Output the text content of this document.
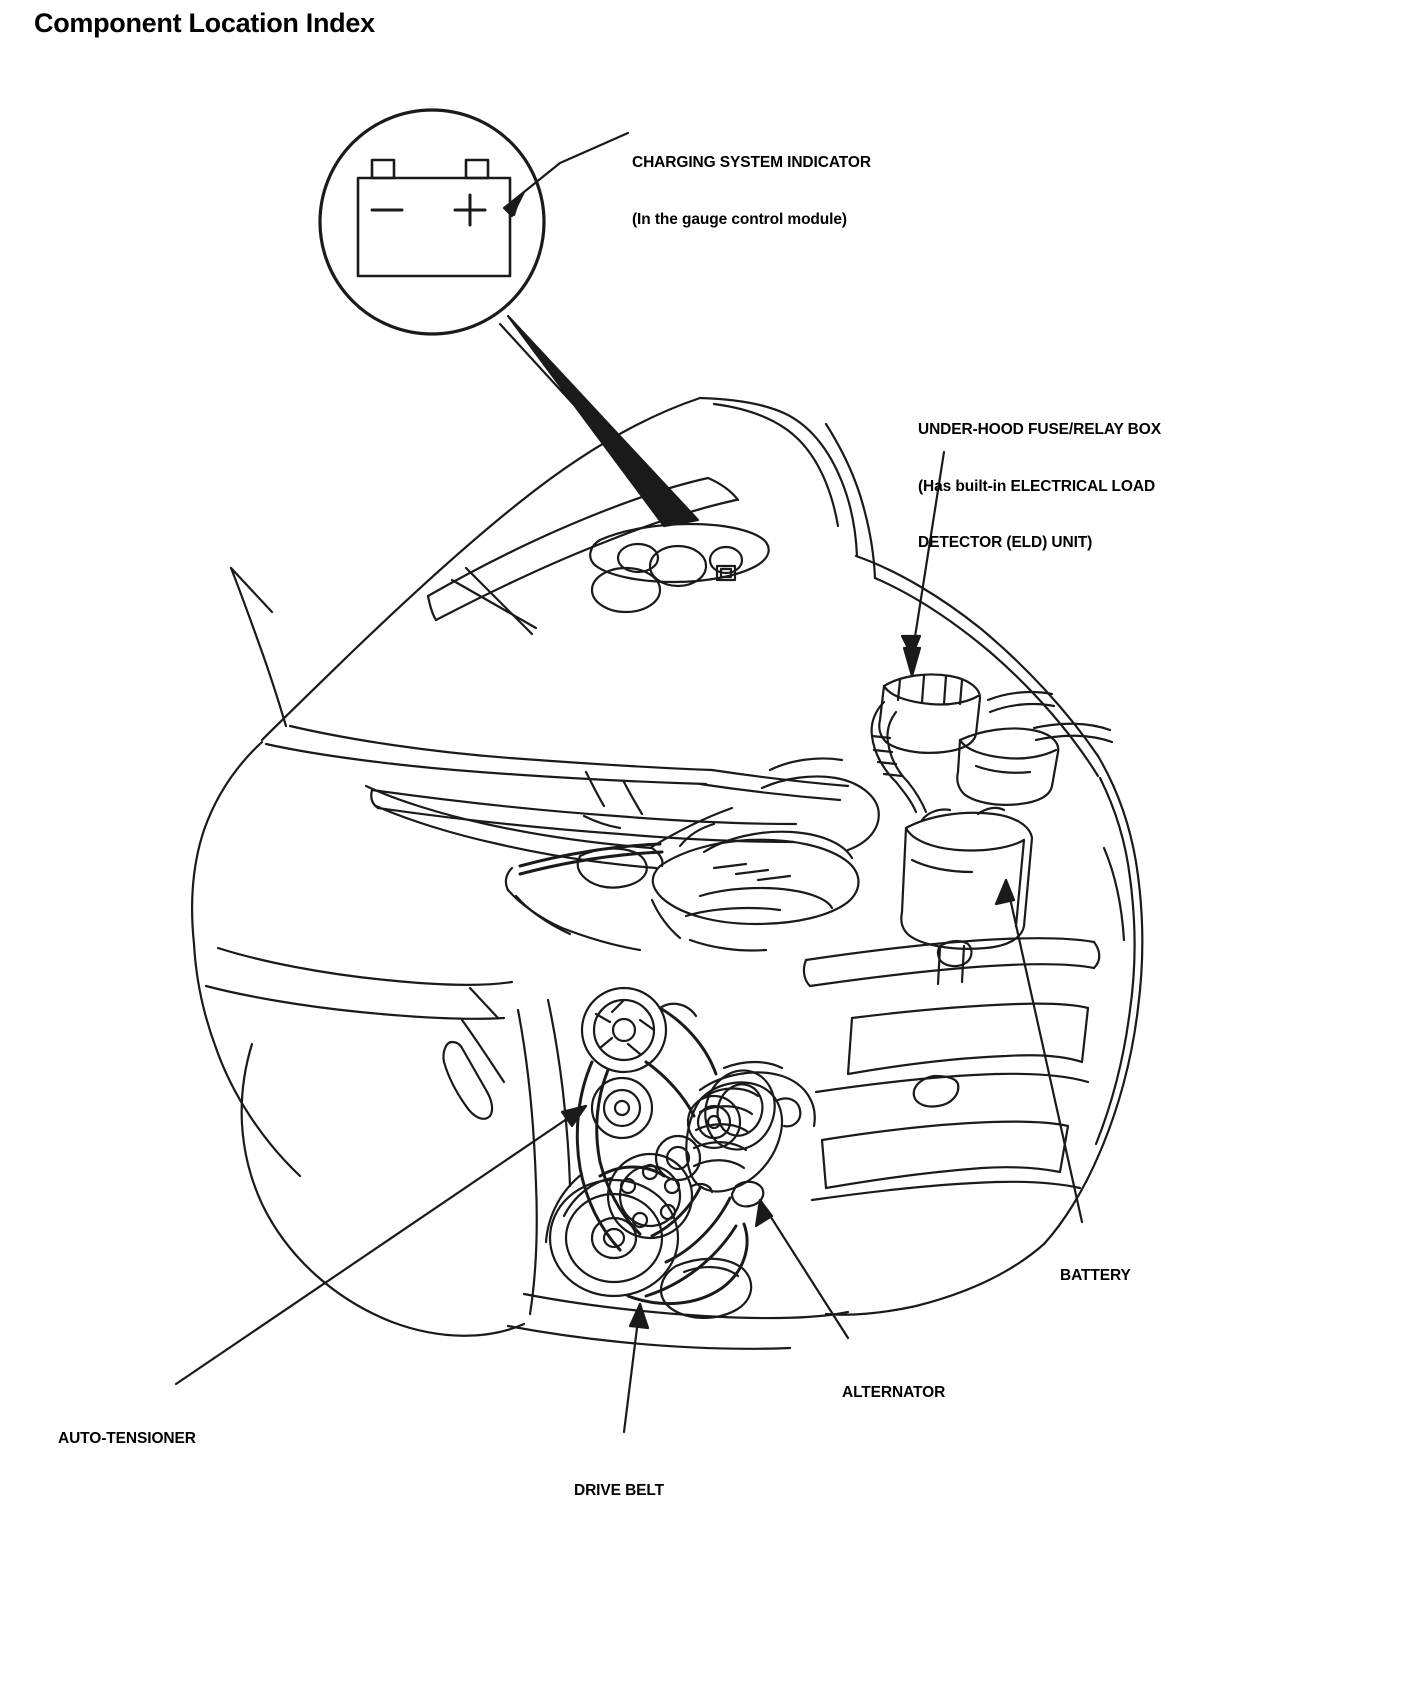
Component Location Index

CHARGING SYSTEM INDICATOR

(In the gauge control module)

UNDER-HOOD FUSE/RELAY BOX

(Has built-in ELECTRICAL LOAD

DETECTOR (ELD) UNIT)

BATTERY

ALTERNATOR

AUTO-TENSIONER

DRIVE BELT
